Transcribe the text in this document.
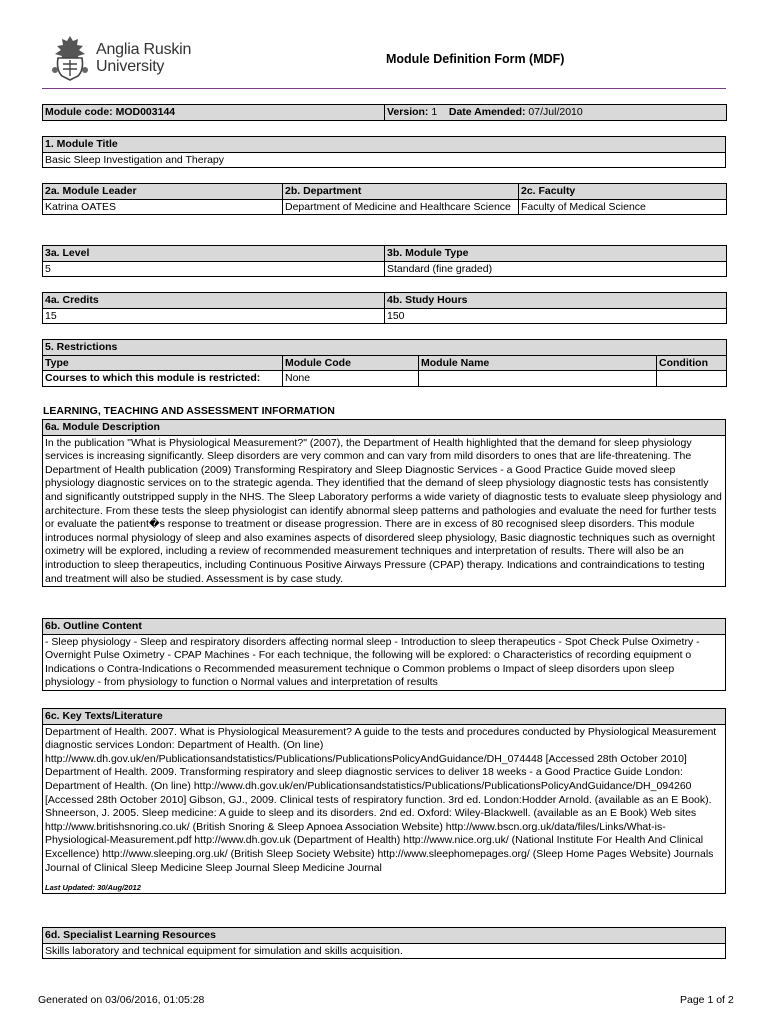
Anglia Ruskin
University	Module Definition Form (MDF)
Module code: MOD003144	Version: 1 Date Amended: 07/Jul/2010
1. Module Title
Basic Sleep Investigation and Therapy
2a. Module Leader	2b. Department	2c. Faculty
Katrina OATES	Department of Medicine and Healthcare Science	Faculty of Medical Science
3a. Level	3b. Module Type
5	Standard (fine graded)
4a. Credits	4b. Study Hours
15	150
5. Restrictions			
Type	Module Code	Module Name	Condition
Courses to which this module is restricted:	None		
LEARNING, TEACHING AND ASSESSMENT INFORMATION
6a. Module Description
In the publication "What is Physiological Measurement?" (2007), the Department of Health highlighted that the demand for sleep physiology services is increasing significantly. Sleep disorders are very common and can vary from mild disorders to ones that are life-threatening. The Department of Health publication (2009) Transforming Respiratory and Sleep Diagnostic Services - a Good Practice Guide moved sleep physiology diagnostic services on to the strategic agenda. They identified that the demand of sleep physiology diagnostic tests has consistently and significantly outstripped supply in the NHS. The Sleep Laboratory performs a wide variety of diagnostic tests to evaluate sleep physiology and architecture. From these tests the sleep physiologist can identify abnormal sleep patterns and pathologies and evaluate the need for further tests or evaluate the patient�s response to treatment or disease progression. There are in excess of 80 recognised sleep disorders. This module introduces normal physiology of sleep and also examines aspects of disordered sleep physiology, Basic diagnostic techniques such as overnight oximetry will be explored, including a review of recommended measurement techniques and interpretation of results. There will also be an introduction to sleep therapeutics, including Continuous Positive Airways Pressure (CPAP) therapy. Indications and contraindications to testing and treatment will also be studied. Assessment is by case study.
6b. Outline Content
- Sleep physiology - Sleep and respiratory disorders affecting normal sleep - Introduction to sleep therapeutics - Spot Check Pulse Oximetry - Overnight Pulse Oximetry - CPAP Machines - For each technique, the following will be explored: o Characteristics of recording equipment o Indications o Contra-Indications o Recommended measurement technique o Common problems o Impact of sleep disorders upon sleep physiology - from physiology to function o Normal values and interpretation of results
6c. Key Texts/Literature

Department of Health. 2007. What is Physiological Measurement? A guide to the tests and procedures conducted by Physiological Measurement diagnostic services London: Department of Health. (On line) http://www.dh.gov.uk/en/Publicationsandstatistics/Publications/PublicationsPolicyAndGuidance/DH_074448 [Accessed 28th October 2010] Department of Health. 2009. Transforming respiratory and sleep diagnostic services to deliver 18 weeks - a Good Practice Guide London: Department of Health. (On line) http://www.dh.gov.uk/en/Publicationsandstatistics/Publications/PublicationsPolicyAndGuidance/DH_094260 [Accessed 28th October 2010] Gibson, GJ., 2009. Clinical tests of respiratory function. 3rd ed. London:Hodder Arnold. (available as an E Book). Shneerson, J. 2005. Sleep medicine: A guide to sleep and its disorders. 2nd ed. Oxford: Wiley-Blackwell. (available as an E Book) Web sites http://www.britishsnoring.co.uk/ (British Snoring & Sleep Apnoea Association Website) http://www.bscn.org.uk/data/files/Links/What-is-Physiological-Measurement.pdf http://www.dh.gov.uk (Department of Health) http://www.nice.org.uk/ (National Institute For Health And Clinical Excellence) http://www.sleeping.org.uk/ (British Sleep Society Website) http://www.sleephomepages.org/ (Sleep Home Pages Website) Journals Journal of Clinical Sleep Medicine Sleep Journal Sleep Medicine Journal
Last Updated: 30/Aug/2012
6d. Specialist Learning Resources
Skills laboratory and technical equipment for simulation and skills acquisition.
Generated on 03/06/2016, 01:05:28	Page 1 of 2
